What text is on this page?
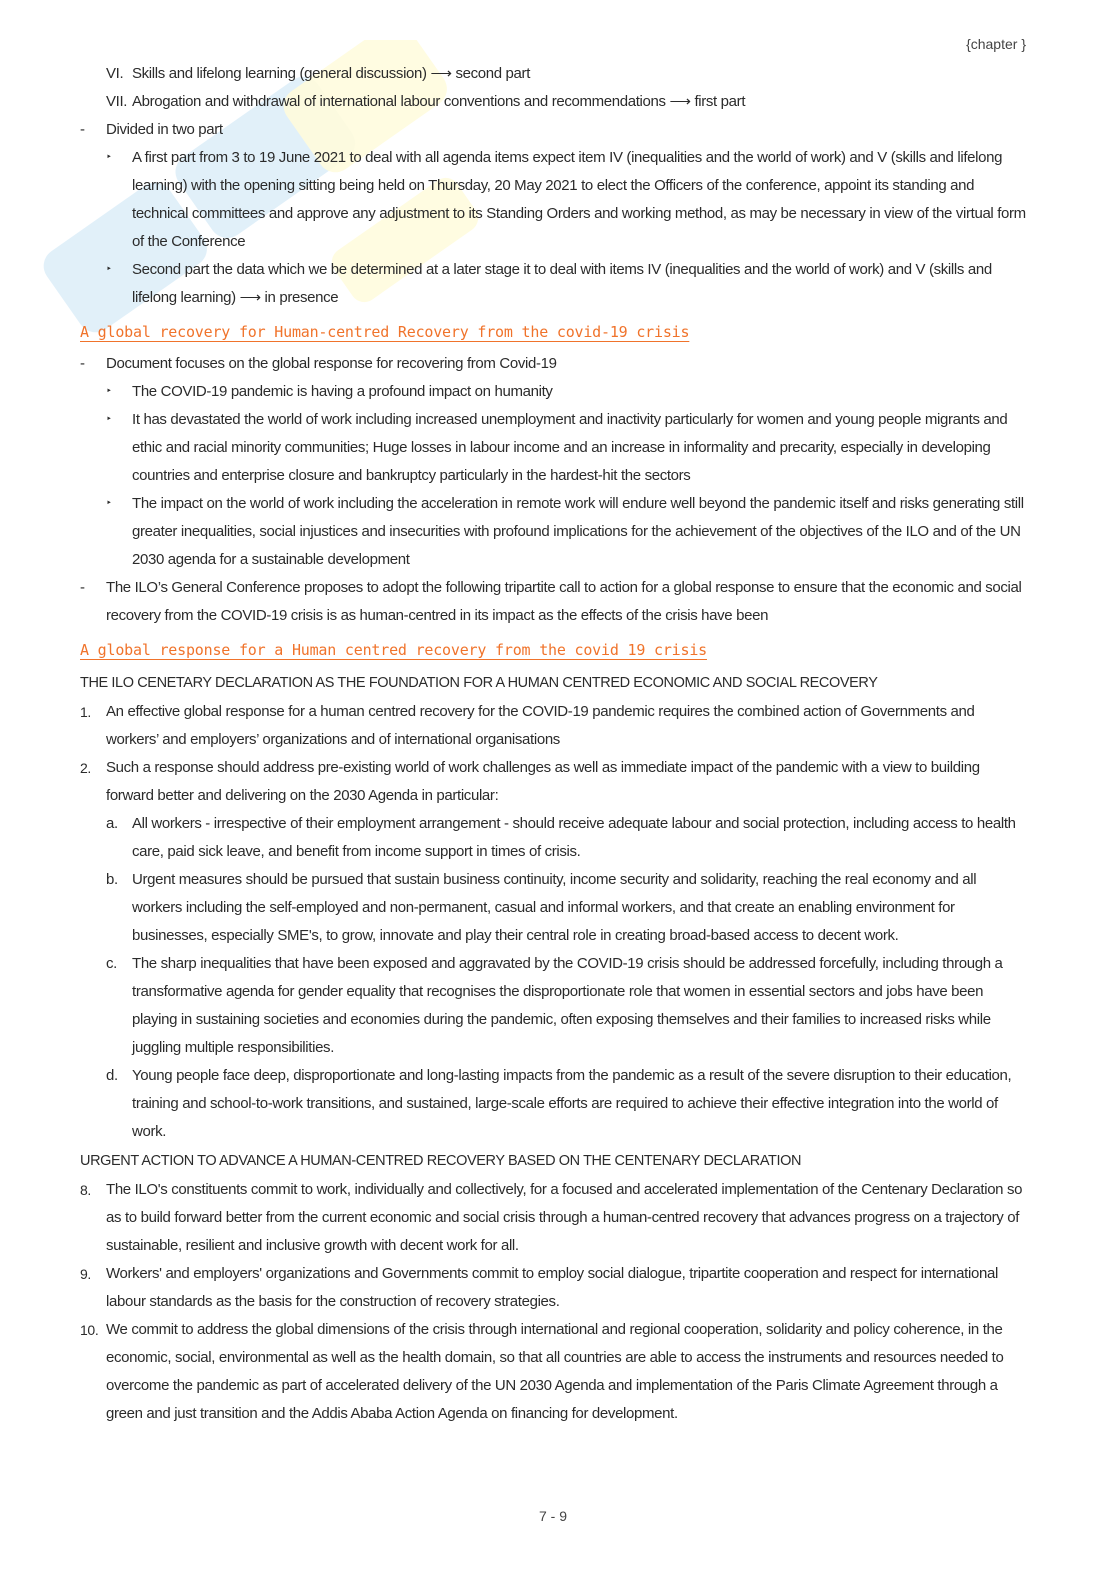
{chapter }
VI. Skills and lifelong learning (general discussion) ⟶ second part
VII. Abrogation and withdrawal of international labour conventions and recommendations ⟶ first part
-	Divided in two part
‣	A first part from 3 to 19 June 2021 to deal with all agenda items expect item IV (inequalities and the world of work) and V (skills and lifelong learning) with the opening sitting being held on Thursday, 20 May 2021 to elect the Officers of the conference, appoint its standing and technical committees and approve any adjustment to its Standing Orders and working method, as may be necessary in view of the virtual form of the Conference
‣	Second part the data which we be determined at a later stage it to deal with items IV (inequalities and the world of work) and V (skills and lifelong learning) ⟶ in presence
A global recovery for Human-centred Recovery from the covid-19 crisis
-	Document focuses on the global response for recovering from Covid-19
‣	The COVID-19 pandemic is having a profound impact on humanity
‣	It has devastated the world of work including increased unemployment and inactivity particularly for women and young people migrants and ethic and racial minority communities; Huge losses in labour income and an increase in informality and precarity, especially in developing countries and enterprise closure and bankruptcy particularly in the hardest-hit the sectors
‣	The impact on the world of work including the acceleration in remote work will endure well beyond the pandemic itself and risks generating still greater inequalities, social injustices and insecurities with profound implications for the achievement of the objectives of the ILO and of the UN 2030 agenda for a sustainable development
-	The ILO’s General Conference proposes to adopt the following tripartite call to action for a global response to ensure that the economic and social recovery from the COVID-19 crisis is as human-centred in its impact as the effects of the crisis have been
A global response for a Human centred recovery from the covid 19 crisis
THE ILO CENETARY DECLARATION AS THE FOUNDATION FOR A HUMAN CENTRED ECONOMIC AND SOCIAL RECOVERY
1.	An effective global response for a human centred recovery for the COVID-19 pandemic requires the combined action of Governments and workers’ and employers’ organizations and of international organisations
2.	Such a response should address pre-existing world of work challenges as well as immediate impact of the pandemic with a view to building forward better and delivering on the 2030 Agenda in particular:
a. All workers - irrespective of their employment arrangement - should receive adequate labour and social protection, including access to health care, paid sick leave, and benefit from income support in times of crisis.
b. Urgent measures should be pursued that sustain business continuity, income security and solidarity, reaching the real economy and all workers including the self-employed and non-permanent, casual and informal workers, and that create an enabling environment for businesses, especially SME's, to grow, innovate and play their central role in creating broad-based access to decent work.
c.	The sharp inequalities that have been exposed and aggravated by the COVID-19 crisis should be addressed forcefully, including through a transformative agenda for gender equality that recognises the disproportionate role that women in essential sectors and jobs have been playing in sustaining societies and economies during the pandemic, often exposing themselves and their families to increased risks while juggling multiple responsibilities.
d. Young people face deep, disproportionate and long-lasting impacts from the pandemic as a result of the severe disruption to their education, training and school-to-work transitions, and sustained, large-scale efforts are required to achieve their effective integration into the world of work.
URGENT ACTION TO ADVANCE A HUMAN-CENTRED RECOVERY BASED ON THE CENTENARY DECLARATION
8.	The ILO's constituents commit to work, individually and collectively, for a focused and accelerated implementation of the Centenary Declaration so as to build forward better from the current economic and social crisis through a human-centred recovery that advances progress on a trajectory of sustainable, resilient and inclusive growth with decent work for all.
9.	Workers' and employers' organizations and Governments commit to employ social dialogue, tripartite cooperation and respect for international labour standards as the basis for the construction of recovery strategies.
10. We commit to address the global dimensions of the crisis through international and regional cooperation, solidarity and policy coherence, in the economic, social, environmental as well as the health domain, so that all countries are able to access the instruments and resources needed to overcome the pandemic as part of accelerated delivery of the UN 2030 Agenda and implementation of the Paris Climate Agreement through a green and just transition and the Addis Ababa Action Agenda on financing for development.
7 - 9
